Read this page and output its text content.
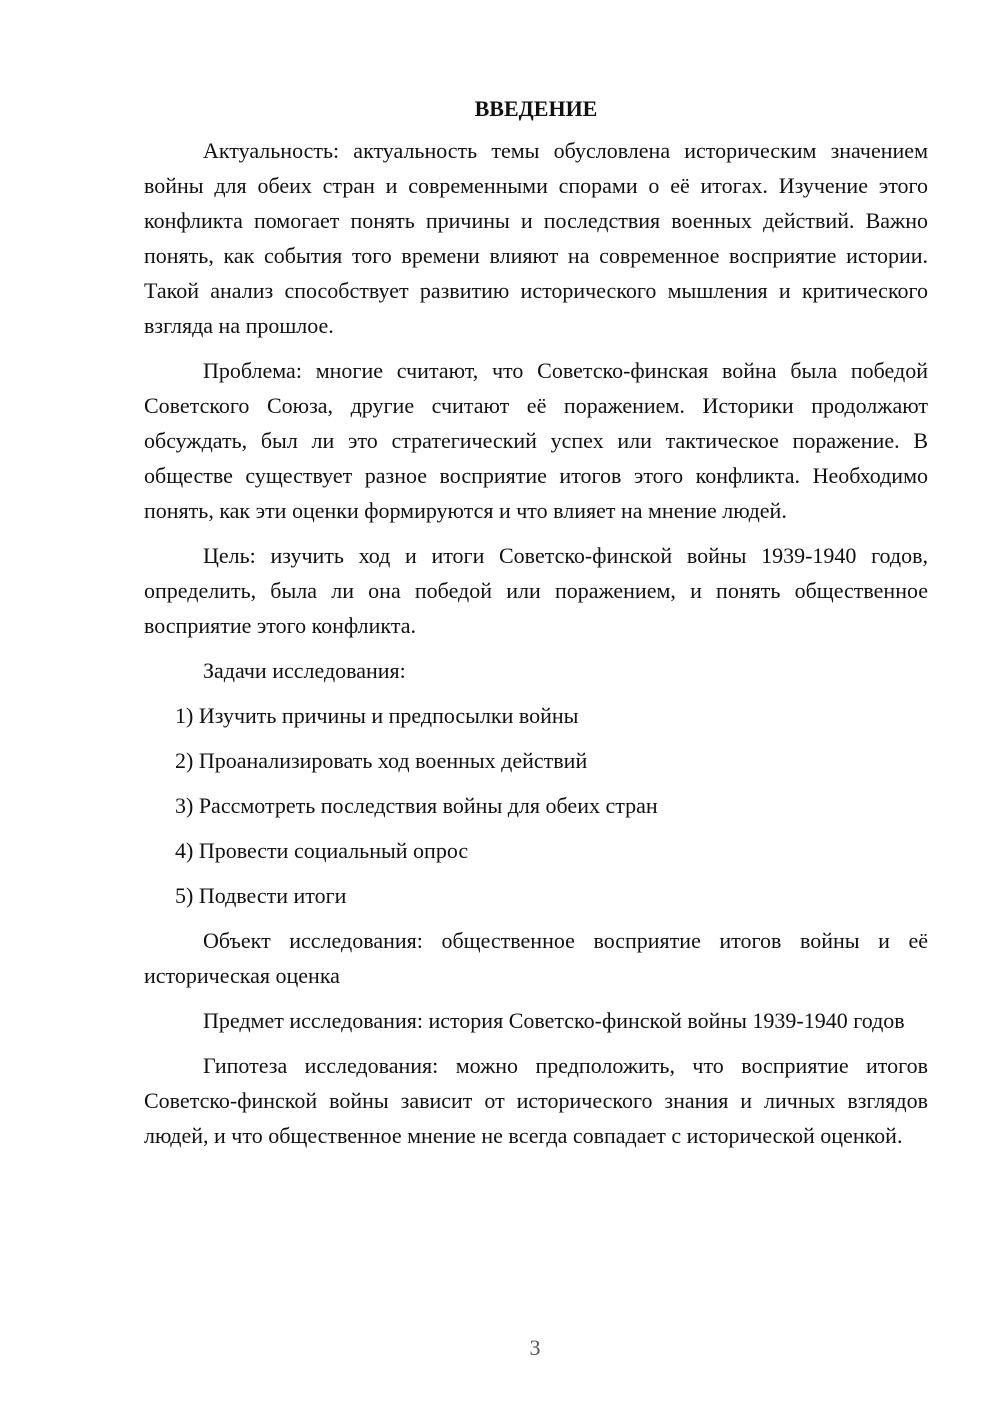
ВВЕДЕНИЕ

Актуальность: актуальность темы обусловлена историческим значением войны для обеих стран и современными спорами о её итогах. Изучение этого конфликта помогает понять причины и последствия военных действий. Важно понять, как события того времени влияют на современное восприятие истории. Такой анализ способствует развитию исторического мышления и критического взгляда на прошлое.

Проблема: многие считают, что Советско-финская война была победой Советского Союза, другие считают её поражением. Историки продолжают обсуждать, был ли это стратегический успех или тактическое поражение. В обществе существует разное восприятие итогов этого конфликта. Необходимо понять, как эти оценки формируются и что влияет на мнение людей.

Цель: изучить ход и итоги Советско-финской войны 1939-1940 годов, определить, была ли она победой или поражением, и понять общественное восприятие этого конфликта.

Задачи исследования:

1) Изучить причины и предпосылки войны
2) Проанализировать ход военных действий
3) Рассмотреть последствия войны для обеих стран
4) Провести социальный опрос
5) Подвести итоги

Объект исследования: общественное восприятие итогов войны и её историческая оценка

Предмет исследования: история Советско-финской войны 1939-1940 годов

Гипотеза исследования: можно предположить, что восприятие итогов Советско-финской войны зависит от исторического знания и личных взглядов людей, и что общественное мнение не всегда совпадает с исторической оценкой.

3
